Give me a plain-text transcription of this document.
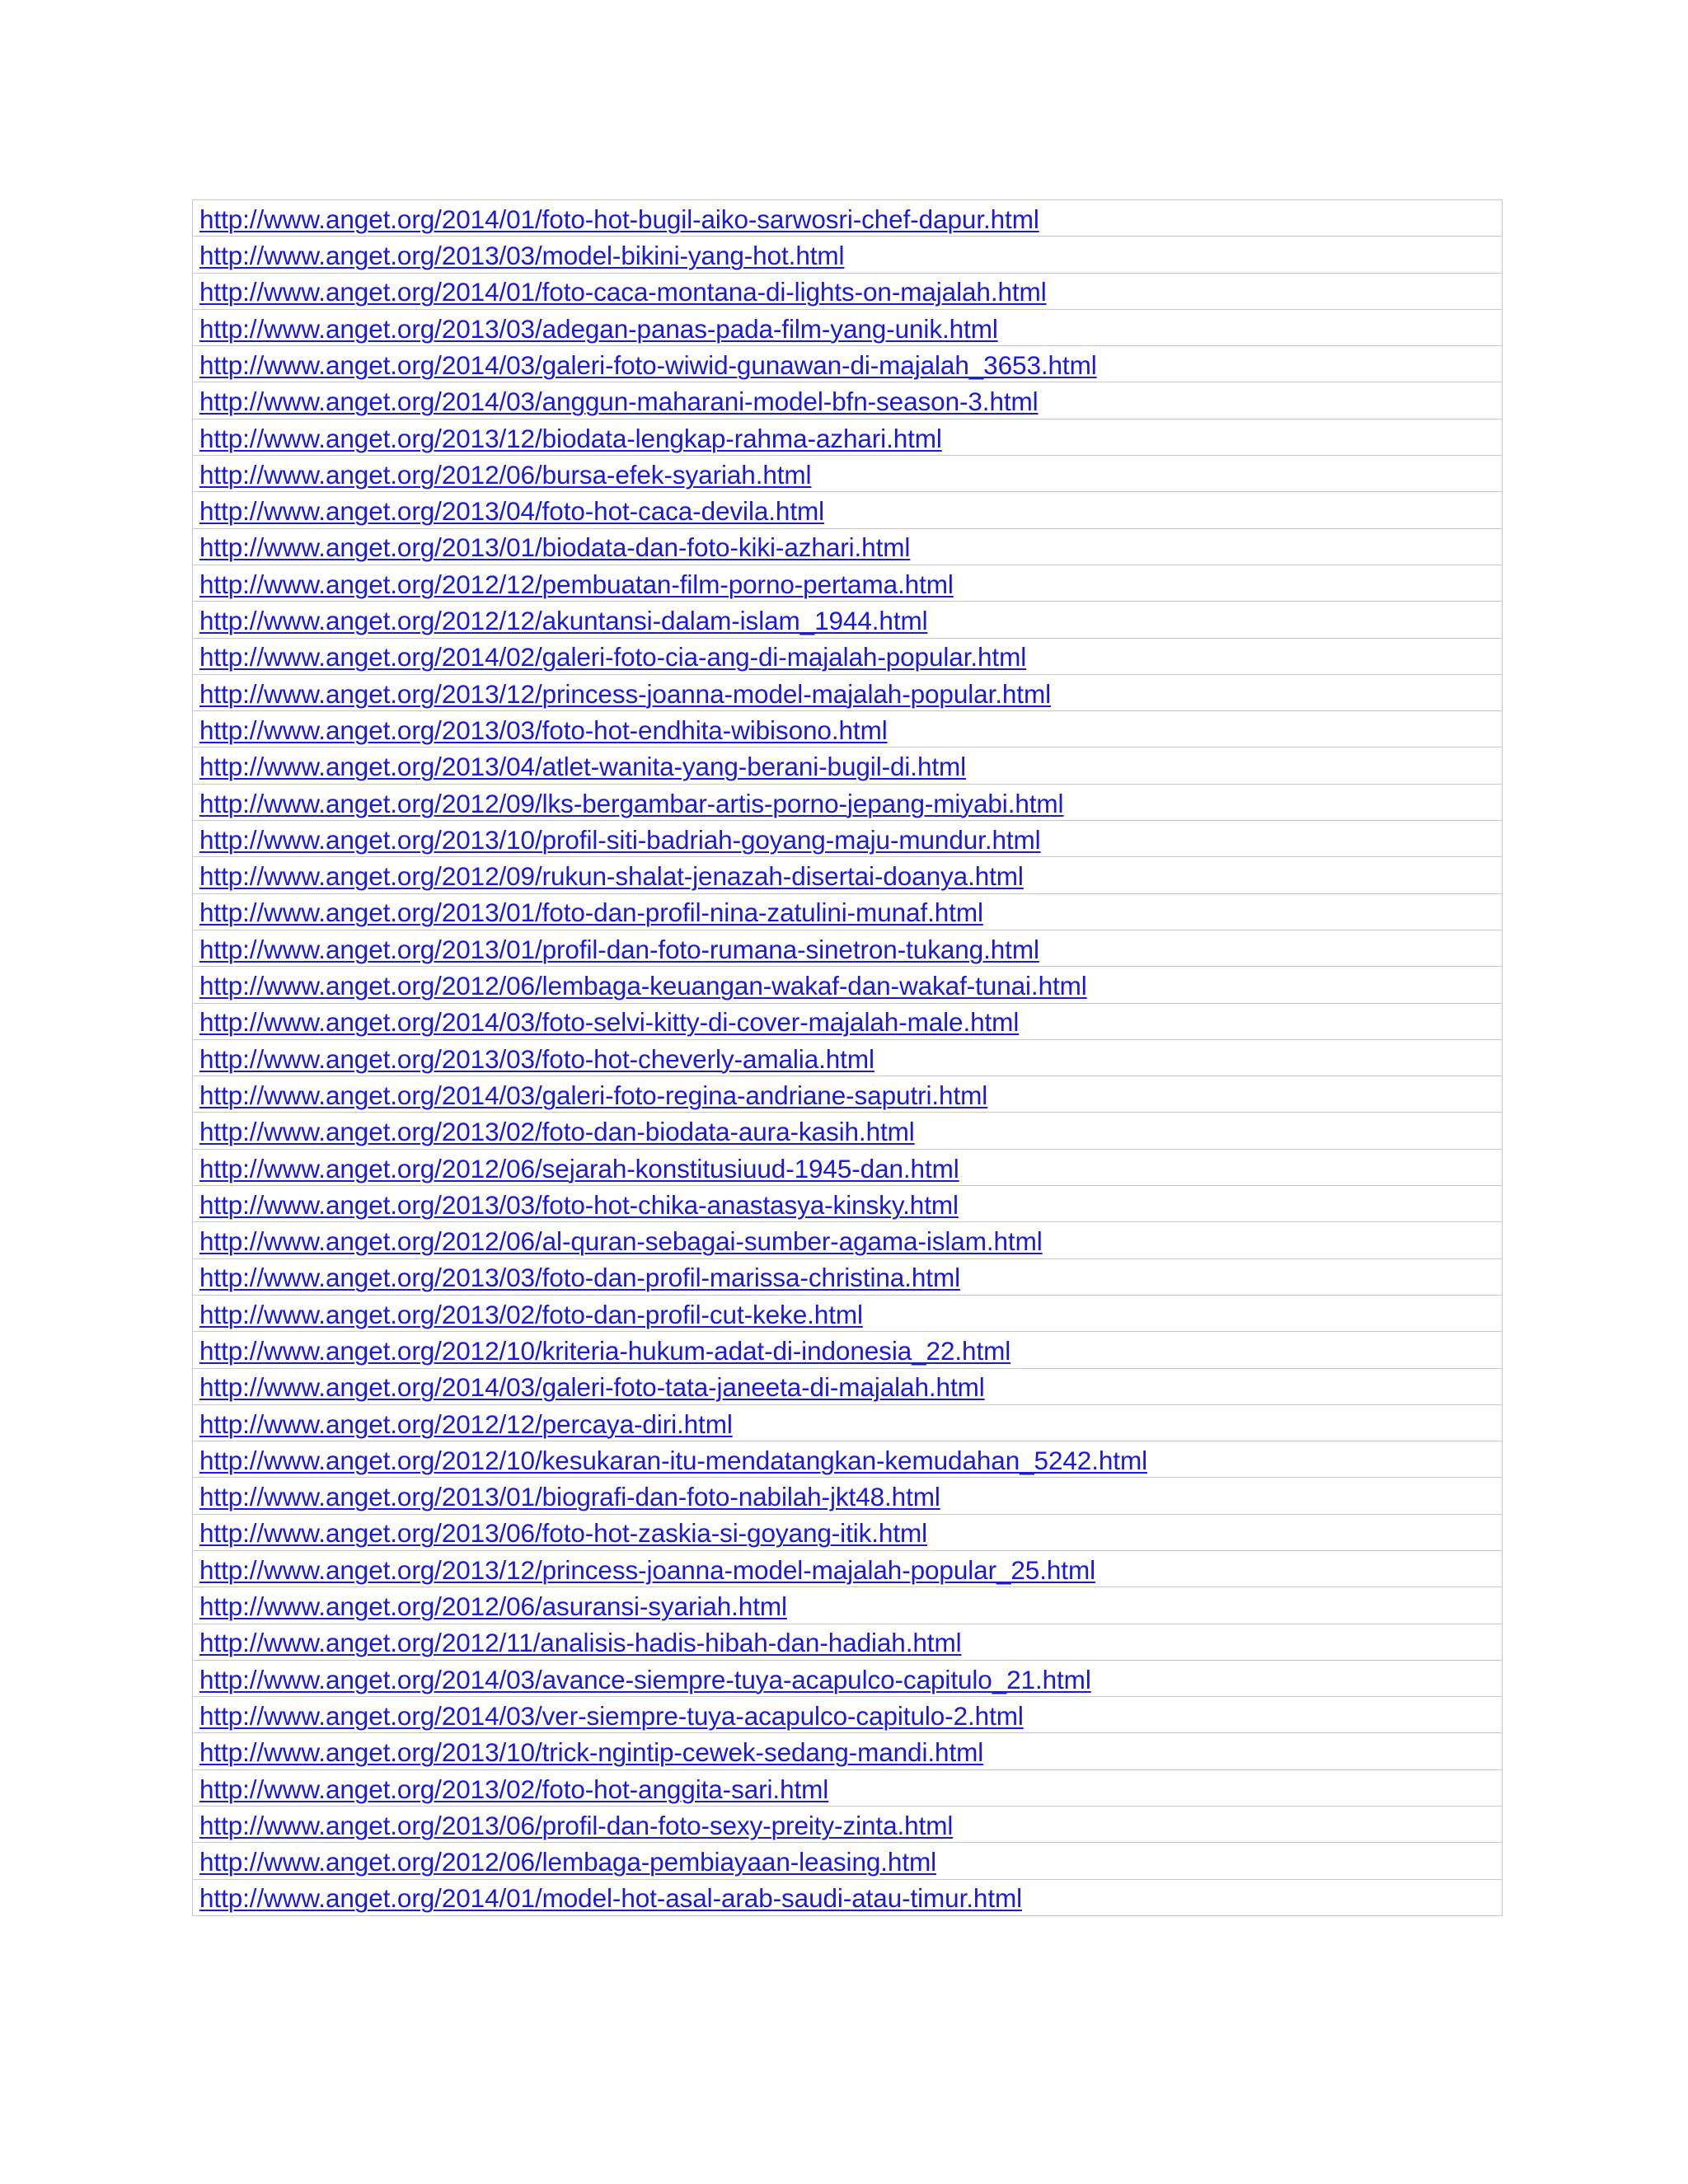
http://www.anget.org/2014/01/foto-hot-bugil-aiko-sarwosri-chef-dapur.html
http://www.anget.org/2013/03/model-bikini-yang-hot.html
http://www.anget.org/2014/01/foto-caca-montana-di-lights-on-majalah.html
http://www.anget.org/2013/03/adegan-panas-pada-film-yang-unik.html
http://www.anget.org/2014/03/galeri-foto-wiwid-gunawan-di-majalah_3653.html
http://www.anget.org/2014/03/anggun-maharani-model-bfn-season-3.html
http://www.anget.org/2013/12/biodata-lengkap-rahma-azhari.html
http://www.anget.org/2012/06/bursa-efek-syariah.html
http://www.anget.org/2013/04/foto-hot-caca-devila.html
http://www.anget.org/2013/01/biodata-dan-foto-kiki-azhari.html
http://www.anget.org/2012/12/pembuatan-film-porno-pertama.html
http://www.anget.org/2012/12/akuntansi-dalam-islam_1944.html
http://www.anget.org/2014/02/galeri-foto-cia-ang-di-majalah-popular.html
http://www.anget.org/2013/12/princess-joanna-model-majalah-popular.html
http://www.anget.org/2013/03/foto-hot-endhita-wibisono.html
http://www.anget.org/2013/04/atlet-wanita-yang-berani-bugil-di.html
http://www.anget.org/2012/09/lks-bergambar-artis-porno-jepang-miyabi.html
http://www.anget.org/2013/10/profil-siti-badriah-goyang-maju-mundur.html
http://www.anget.org/2012/09/rukun-shalat-jenazah-disertai-doanya.html
http://www.anget.org/2013/01/foto-dan-profil-nina-zatulini-munaf.html
http://www.anget.org/2013/01/profil-dan-foto-rumana-sinetron-tukang.html
http://www.anget.org/2012/06/lembaga-keuangan-wakaf-dan-wakaf-tunai.html
http://www.anget.org/2014/03/foto-selvi-kitty-di-cover-majalah-male.html
http://www.anget.org/2013/03/foto-hot-cheverly-amalia.html
http://www.anget.org/2014/03/galeri-foto-regina-andriane-saputri.html
http://www.anget.org/2013/02/foto-dan-biodata-aura-kasih.html
http://www.anget.org/2012/06/sejarah-konstitusiuud-1945-dan.html
http://www.anget.org/2013/03/foto-hot-chika-anastasya-kinsky.html
http://www.anget.org/2012/06/al-quran-sebagai-sumber-agama-islam.html
http://www.anget.org/2013/03/foto-dan-profil-marissa-christina.html
http://www.anget.org/2013/02/foto-dan-profil-cut-keke.html
http://www.anget.org/2012/10/kriteria-hukum-adat-di-indonesia_22.html
http://www.anget.org/2014/03/galeri-foto-tata-janeeta-di-majalah.html
http://www.anget.org/2012/12/percaya-diri.html
http://www.anget.org/2012/10/kesukaran-itu-mendatangkan-kemudahan_5242.html
http://www.anget.org/2013/01/biografi-dan-foto-nabilah-jkt48.html
http://www.anget.org/2013/06/foto-hot-zaskia-si-goyang-itik.html
http://www.anget.org/2013/12/princess-joanna-model-majalah-popular_25.html
http://www.anget.org/2012/06/asuransi-syariah.html
http://www.anget.org/2012/11/analisis-hadis-hibah-dan-hadiah.html
http://www.anget.org/2014/03/avance-siempre-tuya-acapulco-capitulo_21.html
http://www.anget.org/2014/03/ver-siempre-tuya-acapulco-capitulo-2.html
http://www.anget.org/2013/10/trick-ngintip-cewek-sedang-mandi.html
http://www.anget.org/2013/02/foto-hot-anggita-sari.html
http://www.anget.org/2013/06/profil-dan-foto-sexy-preity-zinta.html
http://www.anget.org/2012/06/lembaga-pembiayaan-leasing.html
http://www.anget.org/2014/01/model-hot-asal-arab-saudi-atau-timur.html
